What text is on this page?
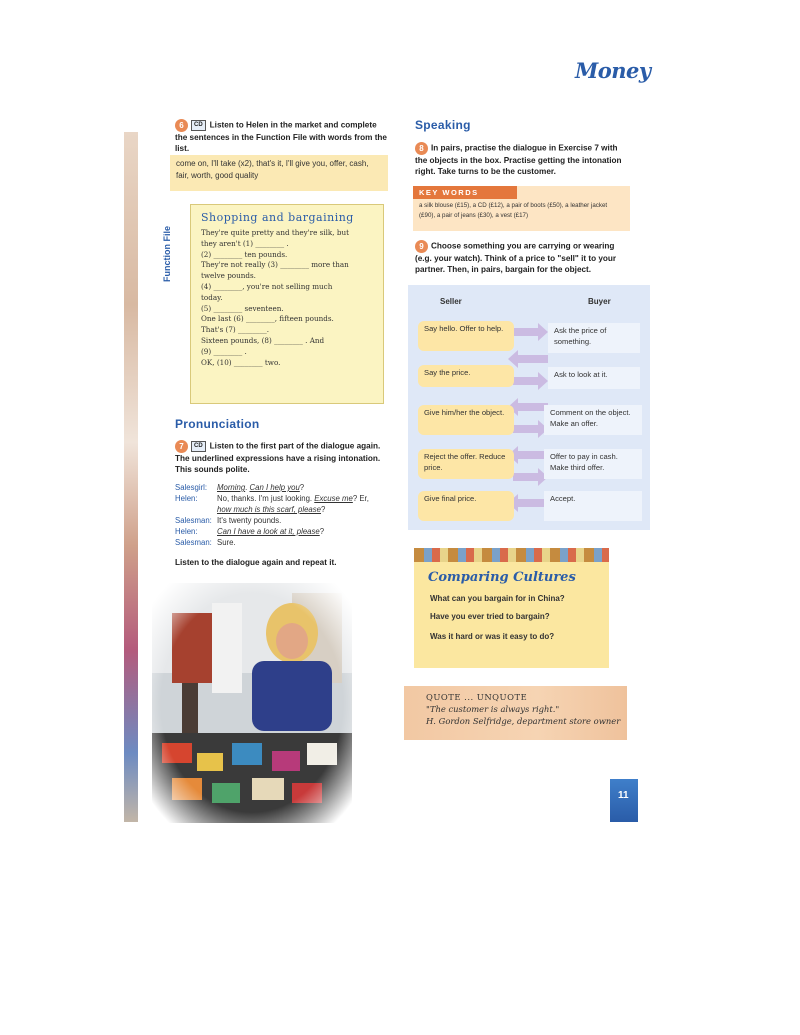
Money
6 CD Listen to Helen in the market and complete the sentences in the Function File with words from the list.
come on, I'll take (x2), that's it, I'll give you, offer, cash, fair, worth, good quality
Function File
Shopping and bargaining
They're quite pretty and they're silk, but
they aren't (1) ________ .
(2) ________ ten pounds.
They're not really (3) ________ more than
twelve pounds.
(4) ________, you're not selling much
today.
(5) ________ seventeen.
One last (6) ________, fifteen pounds.
That's (7) ________.
Sixteen pounds, (8) ________ . And
(9) ________ .
OK, (10) ________ two.
Pronunciation
7 CD Listen to the first part of the dialogue again. The underlined expressions have a rising intonation. This sounds polite.
Salesgirl: Morning. Can I help you?
Helen: No, thanks. I'm just looking. Excuse me? Er,
how much is this scarf, please?
Salesman: It's twenty pounds.
Helen: Can I have a look at it, please?
Salesman: Sure.
Listen to the dialogue again and repeat it.
Speaking
8 In pairs, practise the dialogue in Exercise 7 with the objects in the box. Practise getting the intonation right. Take turns to be the customer.
KEY WORDS
a silk blouse (£15), a CD (£12), a pair of boots (£50), a leather jacket (£90), a pair of jeans (£30), a vest (£17)
9 Choose something you are carrying or wearing (e.g. your watch). Think of a price to "sell" it to your partner. Then, in pairs, bargain for the object.
Seller	Buyer
Say hello. Offer to help.
Say the price.
Give him/her the object.
Reject the offer. Reduce price.
Give final price.
Ask the price of something.
Ask to look at it.
Comment on the object. Make an offer.
Offer to pay in cash. Make third offer.
Accept.
Comparing Cultures
What can you bargain for in China?
Have you ever tried to bargain?
Was it hard or was it easy to do?
QUOTE ... UNQUOTE
"The customer is always right."
H. Gordon Selfridge, department store owner
11
